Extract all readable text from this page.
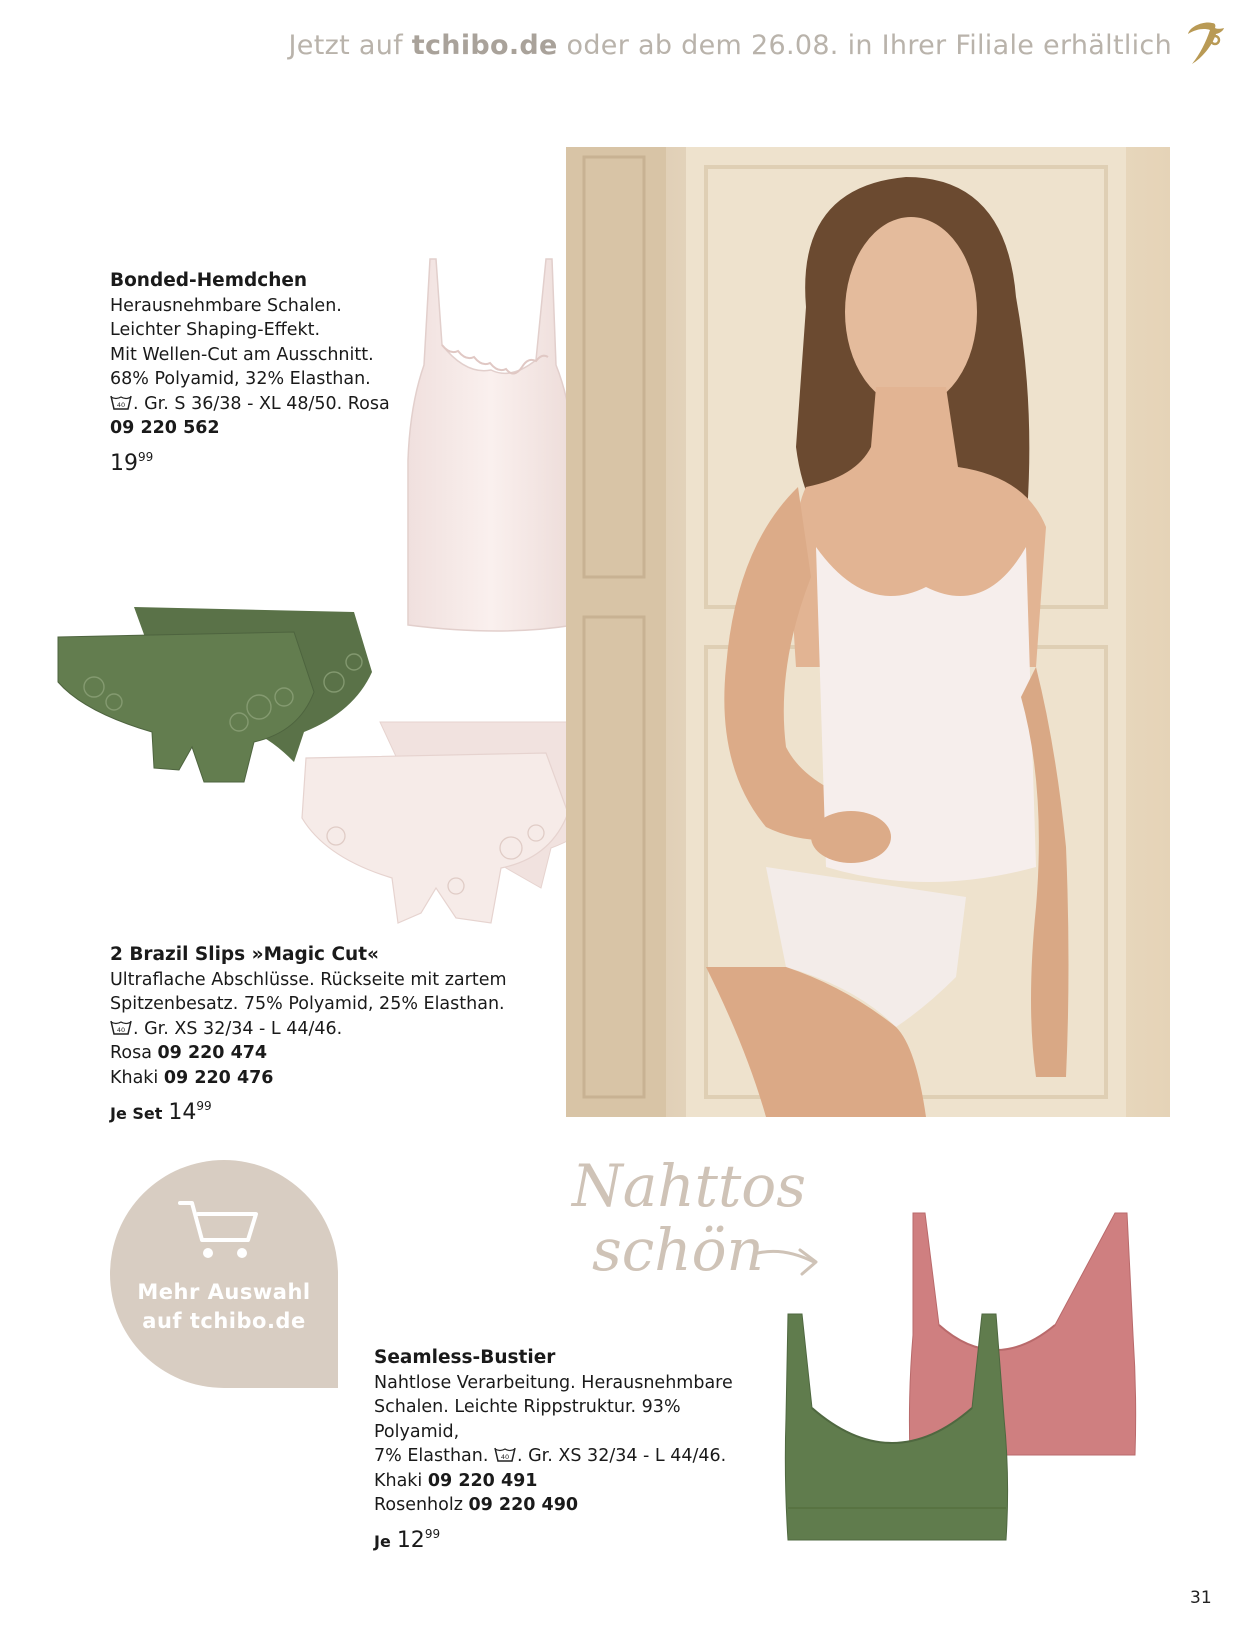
Jetzt auf tchibo.de oder ab dem 26.08. in Ihrer Filiale erhältlich
Bonded-Hemdchen
Herausnehmbare Schalen.
Leichter Shaping-Effekt.
Mit Wellen-Cut am Ausschnitt.
68% Polyamid, 32% Elasthan.
40 . Gr. S 36/38 - XL 48/50. Rosa
09 220 562
$19^{99}$
2 Brazil Slips »Magic Cut«
Ultraflache Abschlüsse. Rückseite mit zartem
Spitzenbesatz. 75% Polyamid, 25% Elasthan.
40 . Gr. XS 32/34 - L 44/46.
Rosa 09 220 474
Khaki 09 220 476
Je Set $14^{99}$
Mehr Auswahl
auf tchibo.de
Nahttos
schön
Seamless-Bustier
Nahtlose Verarbeitung. Herausnehmbare
Schalen. Leichte Rippstruktur. 93% Polyamid,
7% Elasthan. 40 . Gr. XS 32/34 - L 44/46.
Khaki 09 220 491
Rosenholz 09 220 490
Je $12^{99}$
31
